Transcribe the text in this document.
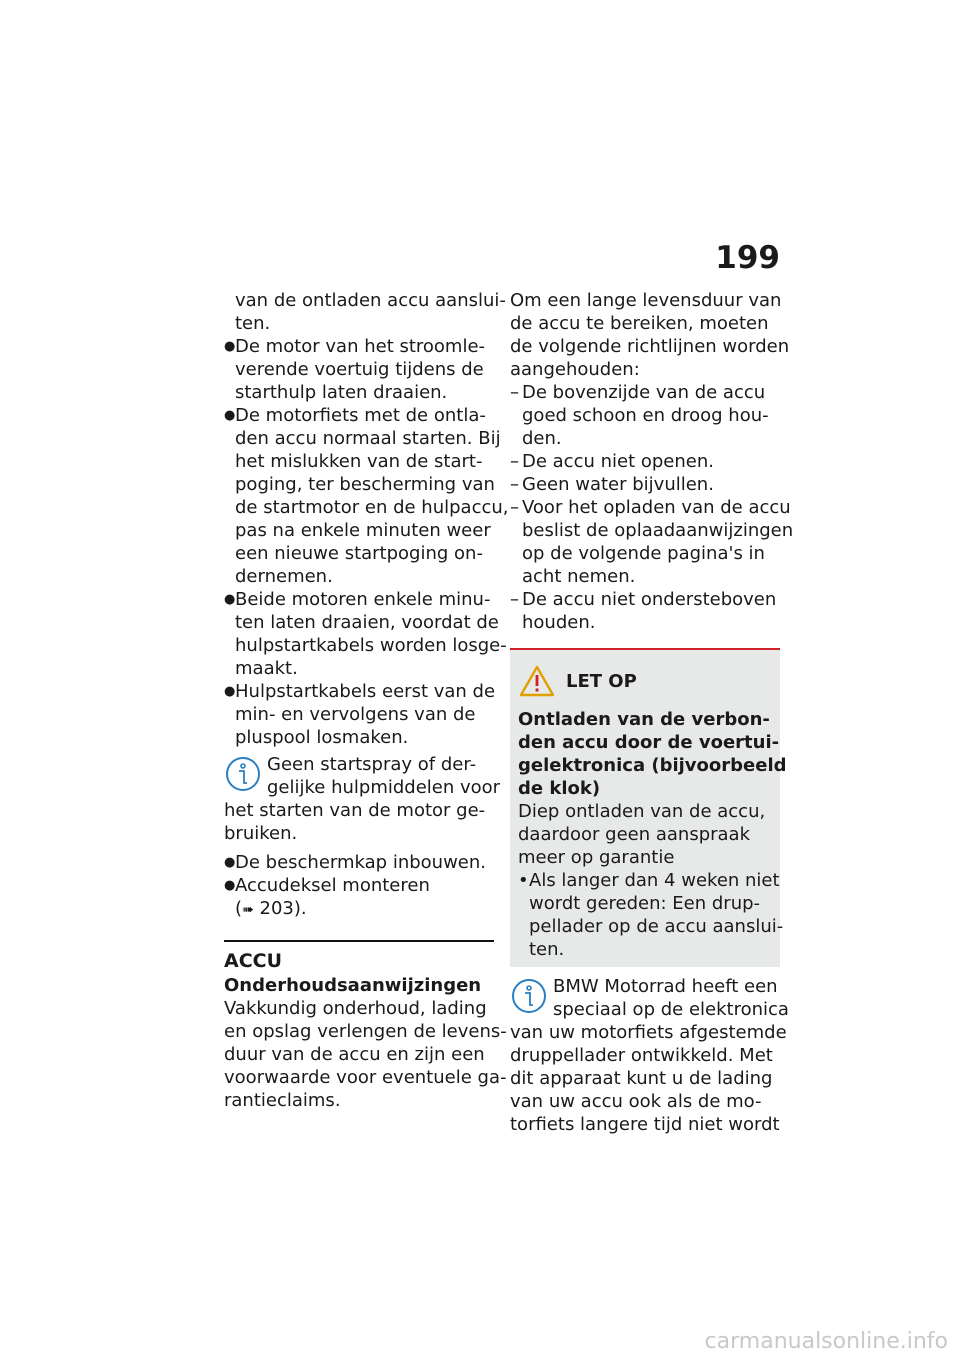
199
van de ontladen accu aanslui-
ten.
● De motor van het stroomle-
verende voertuig tijdens de
starthulp laten draaien.
● De motorfiets met de ontla-
den accu normaal starten. Bij
het mislukken van de start-
poging, ter bescherming van
de startmotor en de hulpaccu,
pas na enkele minuten weer
een nieuwe startpoging on-
dernemen.
● Beide motoren enkele minu-
ten laten draaien, voordat de
hulpstartkabels worden losge-
maakt.
● Hulpstartkabels eerst van de
min- en vervolgens van de
pluspool losmaken.
Geen startspray of der-
gelijke hulpmiddelen voor
het starten van de motor ge-
bruiken.
● De beschermkap inbouwen.
● Accudeksel monteren
(➠ 203).
ACCU
Onderhoudsaanwijzingen
Vakkundig onderhoud, lading
en opslag verlengen de levens-
duur van de accu en zijn een
voorwaarde voor eventuele ga-
rantieclaims.
Om een lange levensduur van
de accu te bereiken, moeten
de volgende richtlijnen worden
aangehouden:
– De bovenzijde van de accu
goed schoon en droog hou-
den.
– De accu niet openen.
– Geen water bijvullen.
– Voor het opladen van de accu
beslist de oplaadaanwijzingen
op de volgende pagina's in
acht nemen.
– De accu niet ondersteboven
houden.
LET OP
Ontladen van de verbon-
den accu door de voertui-
gelektronica (bijvoorbeeld
de klok)
Diep ontladen van de accu,
daardoor geen aanspraak
meer op garantie
• Als langer dan 4 weken niet
wordt gereden: Een drup-
pellader op de accu aanslui-
ten.
BMW Motorrad heeft een
speciaal op de elektronica
van uw motorfiets afgestemde
druppellader ontwikkeld. Met
dit apparaat kunt u de lading
van uw accu ook als de mo-
torfiets langere tijd niet wordt
carmanualsonline.info
